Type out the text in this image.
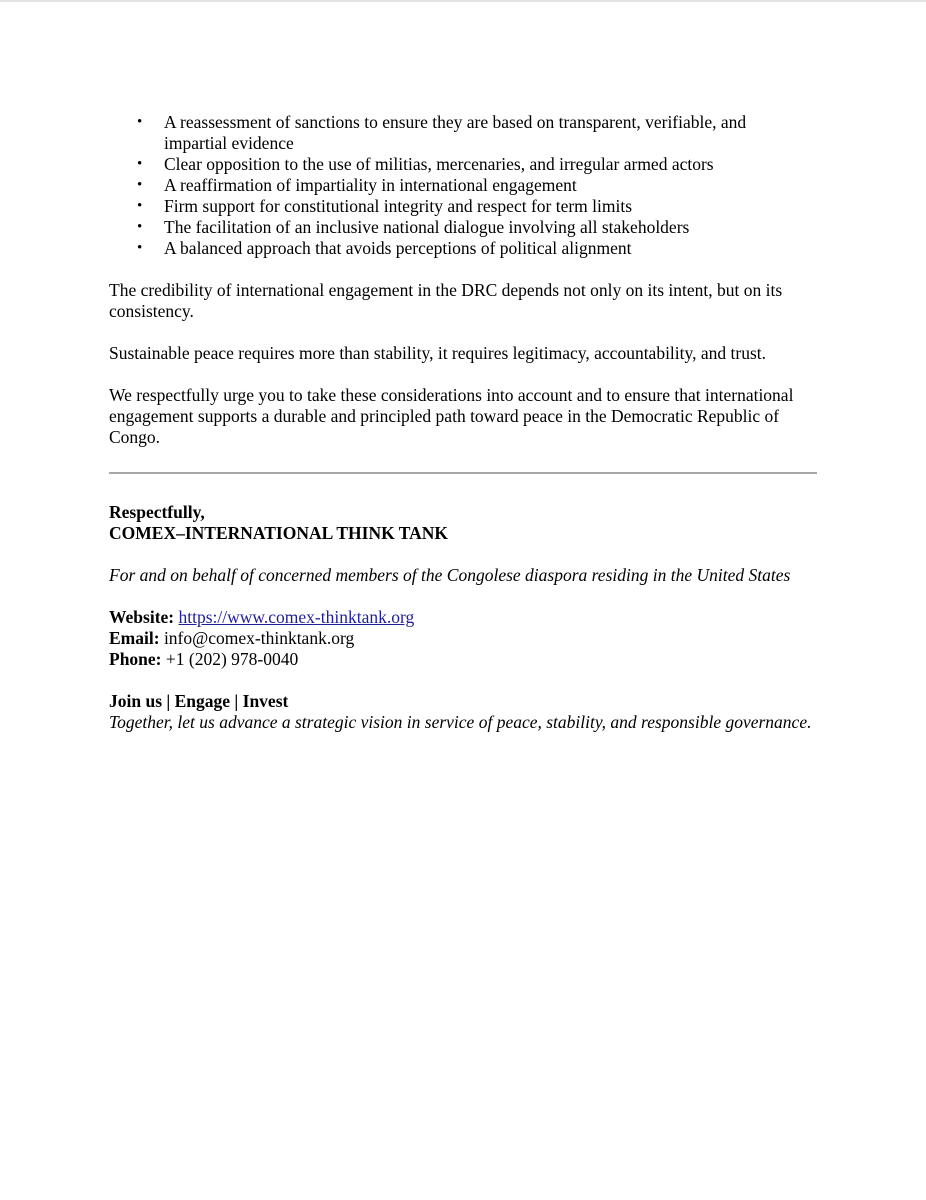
• A reassessment of sanctions to ensure they are based on transparent, verifiable, and impartial evidence
• Clear opposition to the use of militias, mercenaries, and irregular armed actors
• A reaffirmation of impartiality in international engagement
• Firm support for constitutional integrity and respect for term limits
• The facilitation of an inclusive national dialogue involving all stakeholders
• A balanced approach that avoids perceptions of political alignment

The credibility of international engagement in the DRC depends not only on its intent, but on its consistency.

Sustainable peace requires more than stability, it requires legitimacy, accountability, and trust.

We respectfully urge you to take these considerations into account and to ensure that international engagement supports a durable and principled path toward peace in the Democratic Republic of Congo.

Respectfully,

COMEX–INTERNATIONAL THINK TANK

For and on behalf of concerned members of the Congolese diaspora residing in the United States

Website: https://www.comex-thinktank.org

Email: info@comex-thinktank.org

Phone: +1 (202) 978-0040

Join us | Engage | Invest

Together, let us advance a strategic vision in service of peace, stability, and responsible governance.
